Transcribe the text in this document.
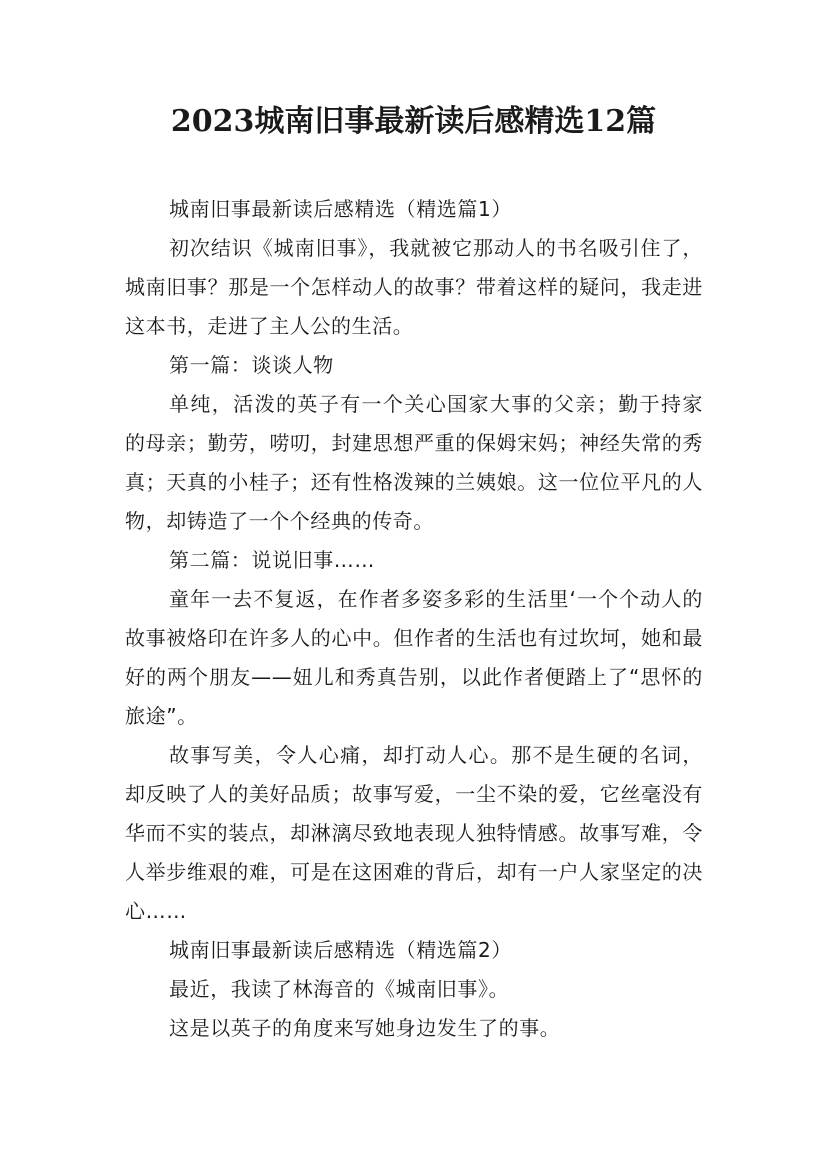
2023城南旧事最新读后感精选12篇

城南旧事最新读后感精选（精选篇1）

初次结识《城南旧事》，我就被它那动人的书名吸引住了，城南旧事？那是一个怎样动人的故事？带着这样的疑问，我走进这本书，走进了主人公的生活。

第一篇：谈谈人物

单纯，活泼的英子有一个关心国家大事的父亲；勤于持家的母亲；勤劳，唠叨，封建思想严重的保姆宋妈；神经失常的秀真；天真的小桂子；还有性格泼辣的兰姨娘。这一位位平凡的人物，却铸造了一个个经典的传奇。

第二篇：说说旧事……

童年一去不复返，在作者多姿多彩的生活里‘一个个动人的故事被烙印在许多人的心中。但作者的生活也有过坎坷，她和最好的两个朋友——妞儿和秀真告别，以此作者便踏上了“思怀的旅途”。

故事写美，令人心痛，却打动人心。那不是生硬的名词，却反映了人的美好品质；故事写爱，一尘不染的爱，它丝毫没有华而不实的装点，却淋漓尽致地表现人独特情感。故事写难，令人举步维艰的难，可是在这困难的背后，却有一户人家坚定的决心……

城南旧事最新读后感精选（精选篇2）

最近，我读了林海音的《城南旧事》。

这是以英子的角度来写她身边发生了的事。
